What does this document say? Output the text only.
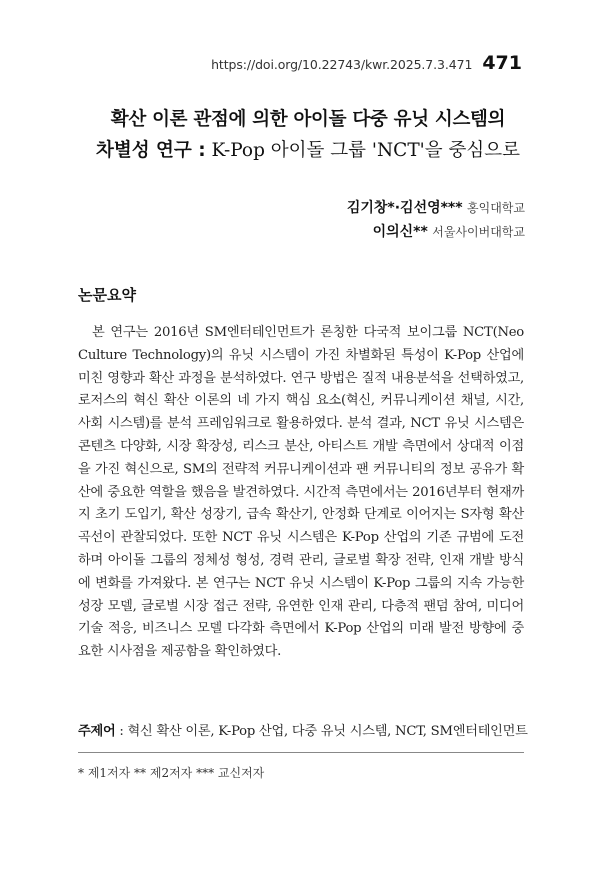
https://doi.org/10.22743/kwr.2025.7.3.471 471
확산 이론 관점에 의한 아이돌 다중 유닛 시스템의
차별성 연구 : K-Pop 아이돌 그룹 'NCT'을 중심으로
김기창*·김선영*** 홍익대학교
이의신** 서울사이버대학교
논문요약

본 연구는 2016년 SM엔터테인먼트가 론칭한 다국적 보이그룹 NCT(Neo Culture Technology)의 유닛 시스템이 가진 차별화된 특성이 K-Pop 산업에 미친 영향과 확산 과정을 분석하였다. 연구 방법은 질적 내용분석을 선택하였고, 로저스의 혁신 확산 이론의 네 가지 핵심 요소(혁신, 커뮤니케이션 채널, 시간, 사회 시스템)를 분석 프레임워크로 활용하였다. 분석 결과, NCT 유닛 시스템은 콘텐츠 다양화, 시장 확장성, 리스크 분산, 아티스트 개발 측면에서 상대적 이점을 가진 혁신으로, SM의 전략적 커뮤니케이션과 팬 커뮤니티의 정보 공유가 확산에 중요한 역할을 했음을 발견하였다. 시간적 측면에서는 2016년부터 현재까지 초기 도입기, 확산 성장기, 급속 확산기, 안정화 단계로 이어지는 S자형 확산 곡선이 관찰되었다. 또한 NCT 유닛 시스템은 K-Pop 산업의 기존 규범에 도전하며 아이돌 그룹의 정체성 형성, 경력 관리, 글로벌 확장 전략, 인재 개발 방식에 변화를 가져왔다. 본 연구는 NCT 유닛 시스템이 K-Pop 그룹의 지속 가능한 성장 모델, 글로벌 시장 접근 전략, 유연한 인재 관리, 다층적 팬덤 참여, 미디어 기술 적응, 비즈니스 모델 다각화 측면에서 K-Pop 산업의 미래 발전 방향에 중요한 시사점을 제공함을 확인하였다.

주제어 : 혁신 확산 이론, K-Pop 산업, 다중 유닛 시스템, NCT, SM엔터테인먼트
* 제1저자 ** 제2저자 *** 교신저자
